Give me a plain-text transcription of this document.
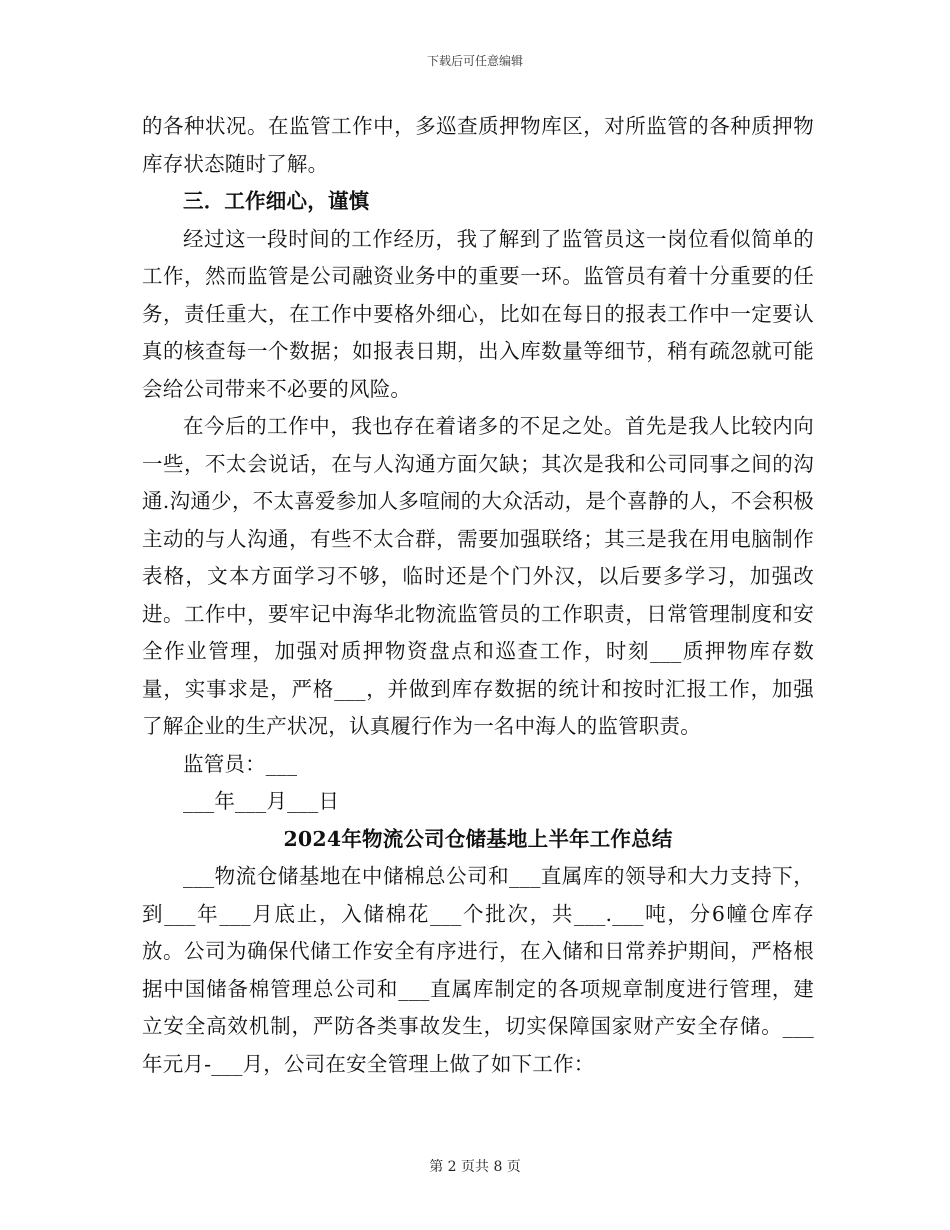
下载后可任意编辑

的各种状况。在监管工作中，多巡查质押物库区，对所监管的各种质押物库存状态随时了解。

三．工作细心，谨慎

经过这一段时间的工作经历，我了解到了监管员这一岗位看似简单的工作，然而监管是公司融资业务中的重要一环。监管员有着十分重要的任务，责任重大，在工作中要格外细心，比如在每日的报表工作中一定要认真的核查每一个数据；如报表日期，出入库数量等细节，稍有疏忽就可能会给公司带来不必要的风险。

在今后的工作中，我也存在着诸多的不足之处。首先是我人比较内向一些，不太会说话，在与人沟通方面欠缺；其次是我和公司同事之间的沟通.沟通少，不太喜爱参加人多喧闹的大众活动，是个喜静的人，不会积极主动的与人沟通，有些不太合群，需要加强联络；其三是我在用电脑制作表格，文本方面学习不够，临时还是个门外汉，以后要多学习，加强改进。工作中，要牢记中海华北物流监管员的工作职责，日常管理制度和安全作业管理，加强对质押物资盘点和巡查工作，时刻___质押物库存数量，实事求是，严格___，并做到库存数据的统计和按时汇报工作，加强了解企业的生产状况，认真履行作为一名中海人的监管职责。

监管员：___

___年___月___日

2024年物流公司仓储基地上半年工作总结

___物流仓储基地在中储棉总公司和___直属库的领导和大力支持下，到___年___月底止，入储棉花___个批次，共___.___吨，分6幢仓库存放。公司为确保代储工作安全有序进行，在入储和日常养护期间，严格根据中国储备棉管理总公司和___直属库制定的各项规章制度进行管理，建立安全高效机制，严防各类事故发生，切实保障国家财产安全存储。___年元月-___月，公司在安全管理上做了如下工作：

第 2 页共 8 页
